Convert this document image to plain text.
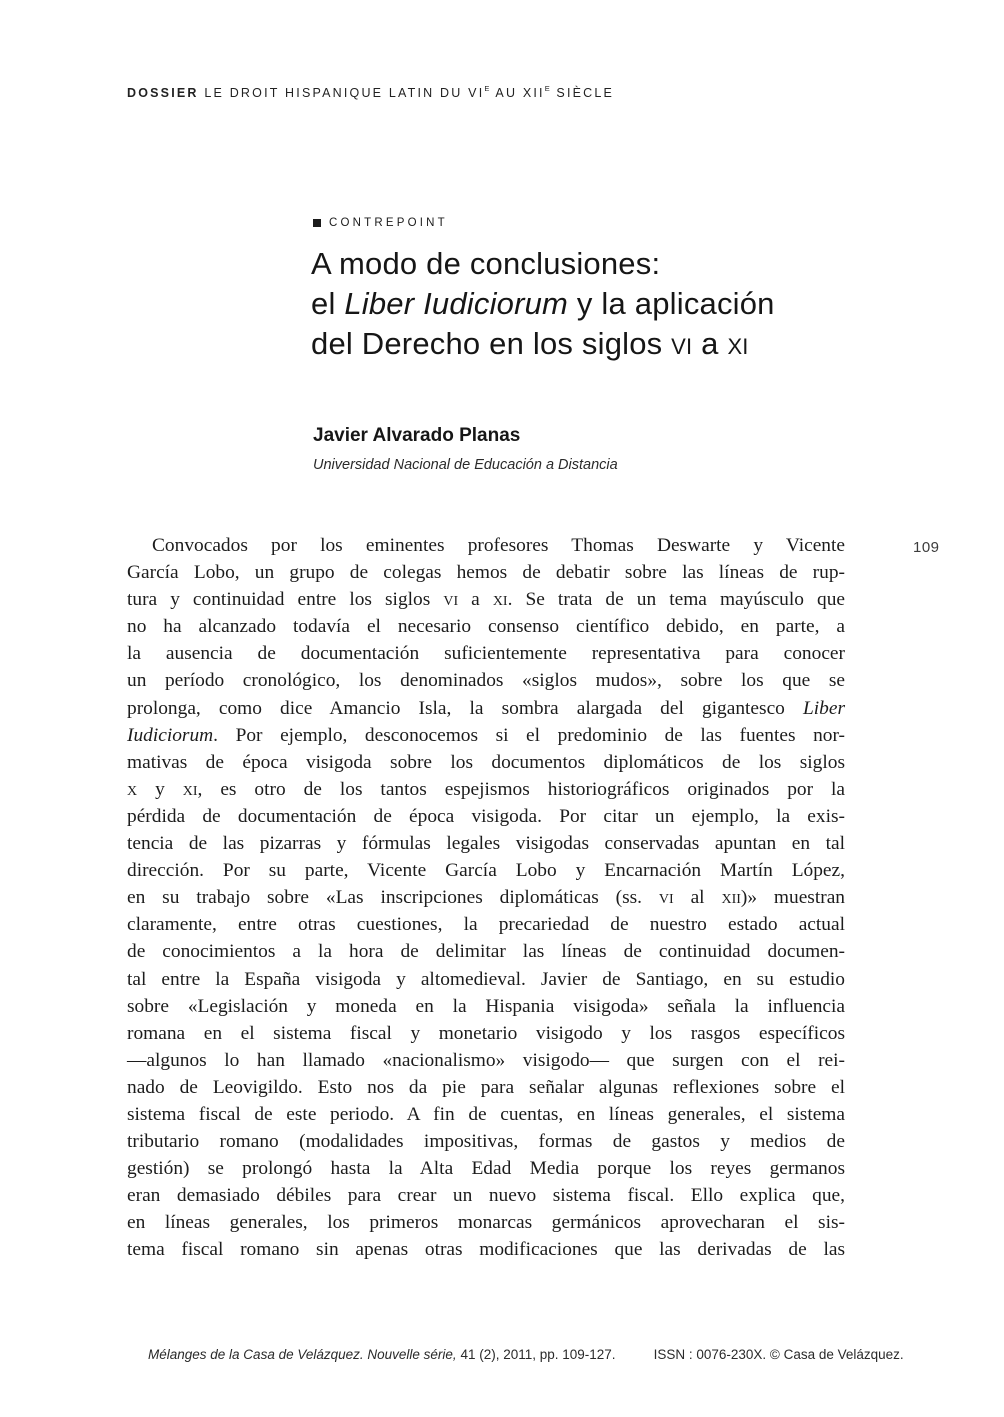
DOSSIER LE DROIT HISPANIQUE LATIN DU $VI^E$ AU $XII^E$ SIÈCLE
CONTREPOINT
A modo de conclusiones:
el Liber Iudiciorum y la aplicación
del Derecho en los siglos vi a xi
Javier Alvarado Planas
Universidad Nacional de Educación a Distancia
109
Convocados por los eminentes profesores Thomas Deswarte y Vicente
García Lobo, un grupo de colegas hemos de debatir sobre las líneas de rup-
tura y continuidad entre los siglos vi a xi. Se trata de un tema mayúsculo que
no ha alcanzado todavía el necesario consenso científico debido, en parte, a
la ausencia de documentación suficientemente representativa para conocer
un período cronológico, los denominados «siglos mudos», sobre los que se
prolonga, como dice Amancio Isla, la sombra alargada del gigantesco Liber
Iudiciorum. Por ejemplo, desconocemos si el predominio de las fuentes nor-
mativas de época visigoda sobre los documentos diplomáticos de los siglos
x y xi, es otro de los tantos espejismos historiográficos originados por la
pérdida de documentación de época visigoda. Por citar un ejemplo, la exis-
tencia de las pizarras y fórmulas legales visigodas conservadas apuntan en tal
dirección. Por su parte, Vicente García Lobo y Encarnación Martín López,
en su trabajo sobre «Las inscripciones diplomáticas (ss. vi al xii)» muestran
claramente, entre otras cuestiones, la precariedad de nuestro estado actual
de conocimientos a la hora de delimitar las líneas de continuidad documen-
tal entre la España visigoda y altomedieval. Javier de Santiago, en su estudio
sobre «Legislación y moneda en la Hispania visigoda» señala la influencia
romana en el sistema fiscal y monetario visigodo y los rasgos específicos
—algunos lo han llamado «nacionalismo» visigodo— que surgen con el rei-
nado de Leovigildo. Esto nos da pie para señalar algunas reflexiones sobre el
sistema fiscal de este periodo. A fin de cuentas, en líneas generales, el sistema
tributario romano (modalidades impositivas, formas de gastos y medios de
gestión) se prolongó hasta la Alta Edad Media porque los reyes germanos
eran demasiado débiles para crear un nuevo sistema fiscal. Ello explica que,
en líneas generales, los primeros monarcas germánicos aprovecharan el sis-
tema fiscal romano sin apenas otras modificaciones que las derivadas de las
Mélanges de la Casa de Velázquez. Nouvelle série, 41 (2), 2011, pp. 109-127.	ISSN : 0076-230X. © Casa de Velázquez.
